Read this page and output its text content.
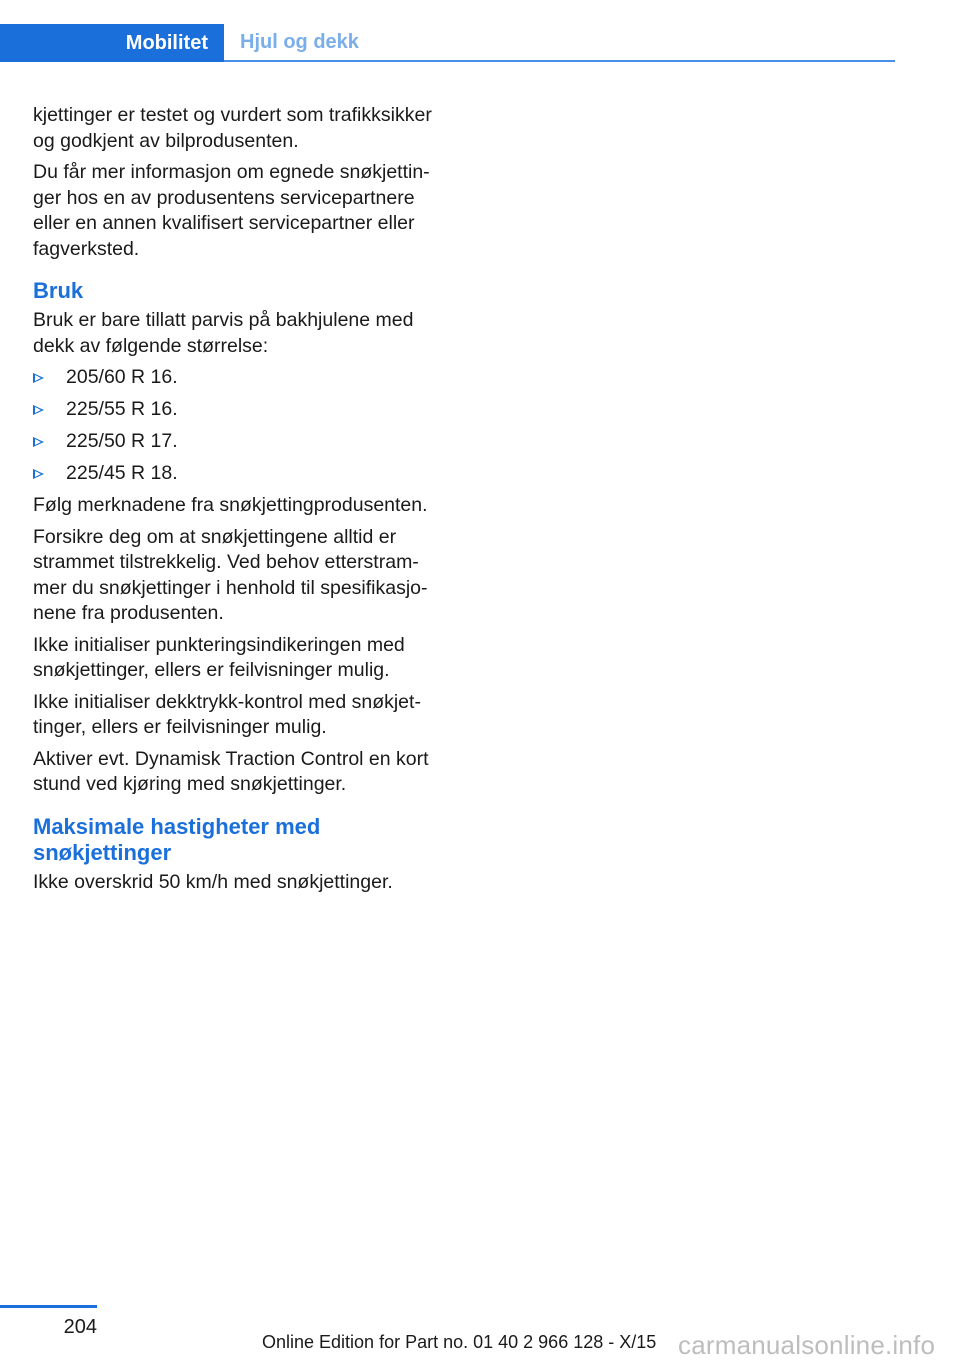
Mobilitet	Hjul og dekk

kjettinger er testet og vurdert som trafikksikker og godkjent av bilprodusenten.

Du får mer informasjon om egnede snøkjettin‐ ger hos en av produsentens servicepartnere eller en annen kvalifisert servicepartner eller fagverksted.

Bruk

Bruk er bare tillatt parvis på bakhjulene med dekk av følgende størrelse:

205/60 R 16.
225/55 R 16.
225/50 R 17.
225/45 R 18.

Følg merknadene fra snøkjettingprodusenten.

Forsikre deg om at snøkjettingene alltid er strammet tilstrekkelig. Ved behov etterstram‐ mer du snøkjettinger i henhold til spesifikasjo‐ nene fra produsenten.

Ikke initialiser punkteringsindikeringen med snøkjettinger, ellers er feilvisninger mulig.

Ikke initialiser dekktrykk-kontrol med snøkjet‐ tinger, ellers er feilvisninger mulig.

Aktiver evt. Dynamisk Traction Control en kort stund ved kjøring med snøkjettinger.

Maksimale hastigheter med snøkjettinger

Ikke overskrid 50 km/h med snøkjettinger.

204
Online Edition for Part no. 01 40 2 966 128 - X/15 carmanualsonline.info
